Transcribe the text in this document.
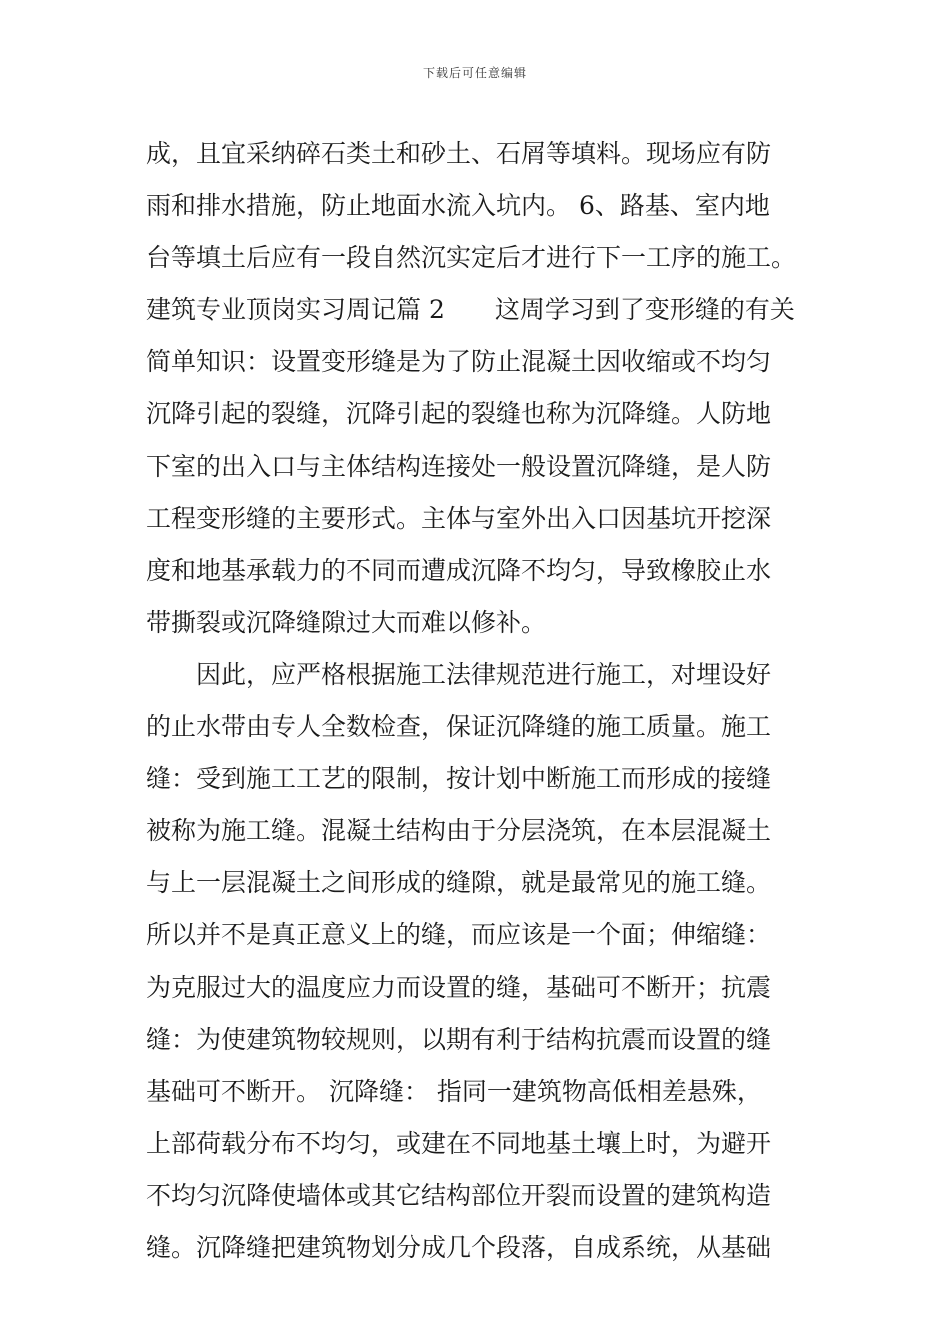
下载后可任意编辑
成，且宜采纳碎石类土和砂土、石屑等填料。现场应有防
雨和排水措施，防止地面水流入坑内。 6、路基、室内地
台等填土后应有一段自然沉实定后才进行下一工序的施工。
建筑专业顶岗实习周记篇 2　　这周学习到了变形缝的有关
简单知识：设置变形缝是为了防止混凝土因收缩或不均匀
沉降引起的裂缝，沉降引起的裂缝也称为沉降缝。人防地
下室的出入口与主体结构连接处一般设置沉降缝，是人防
工程变形缝的主要形式。主体与室外出入口因基坑开挖深
度和地基承载力的不同而遭成沉降不均匀，导致橡胶止水
带撕裂或沉降缝隙过大而难以修补。
　　因此，应严格根据施工法律规范进行施工，对埋设好
的止水带由专人全数检查，保证沉降缝的施工质量。施工
缝：受到施工工艺的限制，按计划中断施工而形成的接缝
被称为施工缝。混凝土结构由于分层浇筑，在本层混凝土
与上一层混凝土之间形成的缝隙，就是最常见的施工缝。
所以并不是真正意义上的缝，而应该是一个面；伸缩缝：
为克服过大的温度应力而设置的缝，基础可不断开；抗震
缝：为使建筑物较规则，以期有利于结构抗震而设置的缝
基础可不断开。 沉降缝： 指同一建筑物高低相差悬殊，
上部荷载分布不均匀，或建在不同地基土壤上时，为避开
不均匀沉降使墙体或其它结构部位开裂而设置的建筑构造
缝。沉降缝把建筑物划分成几个段落，自成系统，从基础
